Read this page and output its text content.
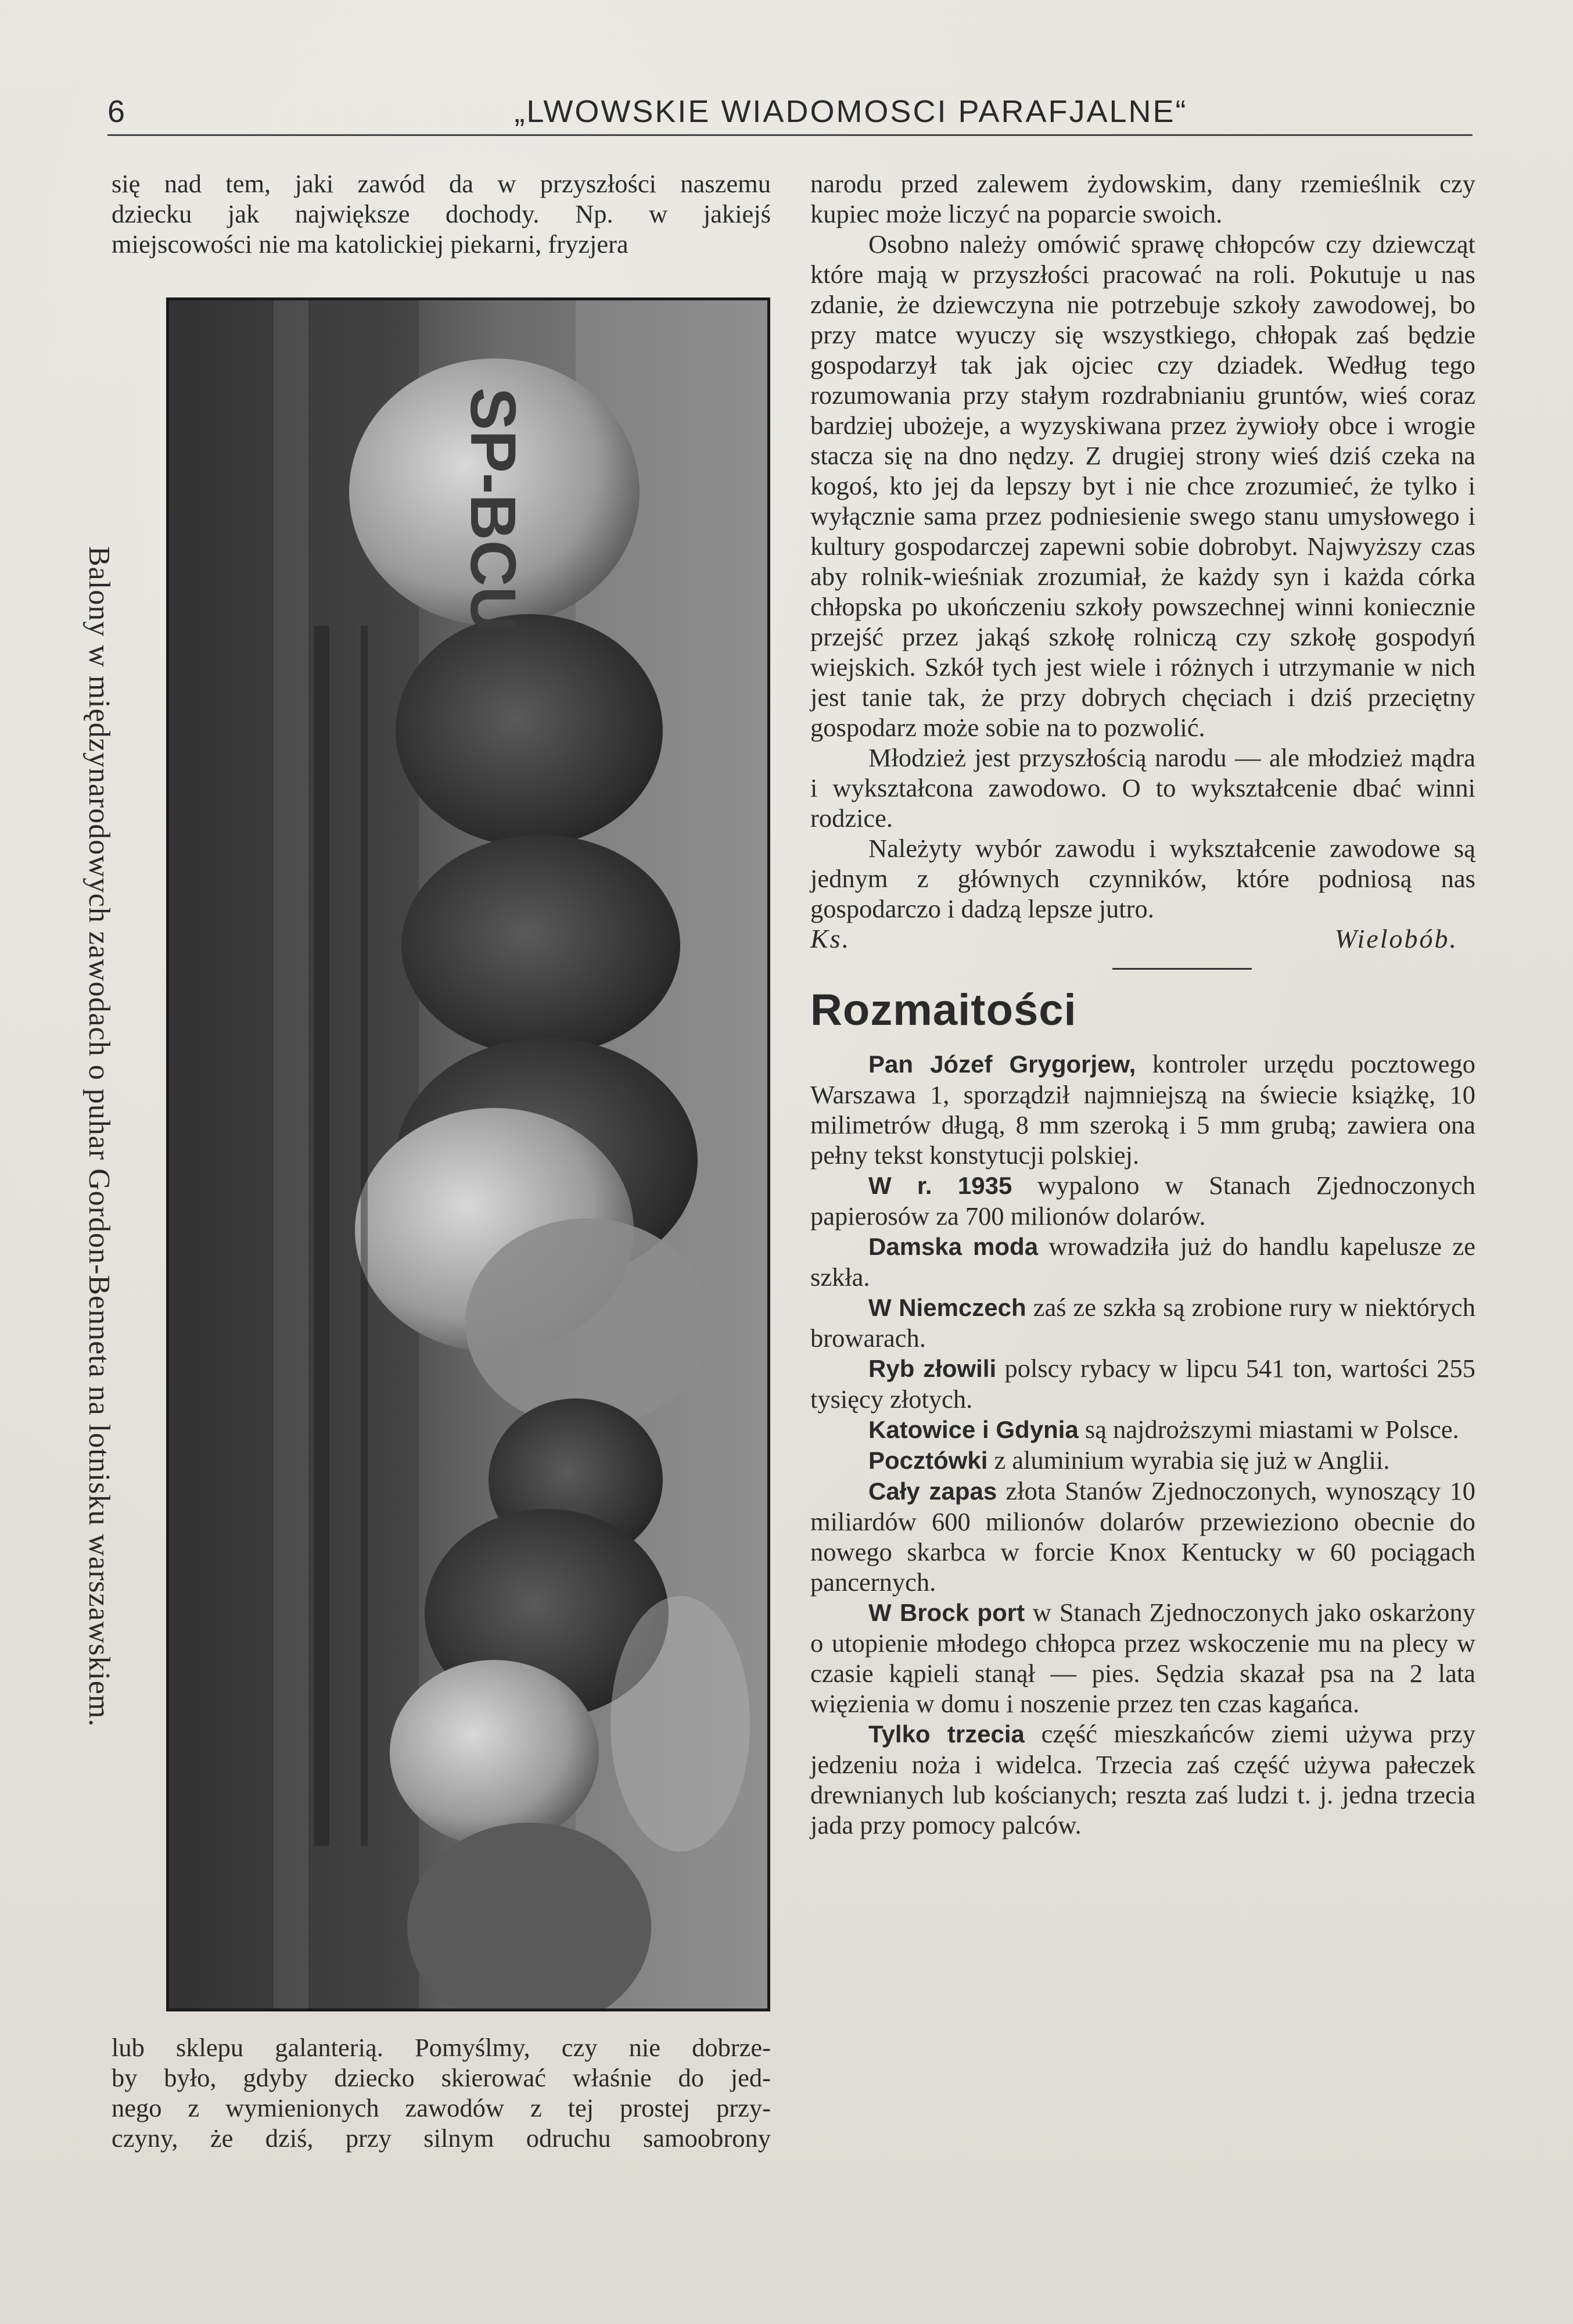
6	„LWOWSKIE WIADOMOSCI PARAFJALNE“

się nad tem, jaki zawód da w przyszłości naszemu

dziecku jak największe dochody. Np. w jakiejś

miejscowości nie ma katolickiej piekarni, fryzjera

SP-BCU
Balony w międzynarodowych zawodach o puhar Gordon-Benneta na lotnisku warszawskiem.

lub sklepu galanterią. Pomyślmy, czy nie dobrze-

by było, gdyby dziecko skierować właśnie do jed-

nego z wymienionych zawodów z tej prostej przy-

czyny, że dziś, przy silnym odruchu samoobrony

narodu przed zalewem żydowskim, dany rzemieślnik czy kupiec może liczyć na poparcie swoich.

Osobno należy omówić sprawę chłopców czy dziewcząt które mają w przyszłości pracować na roli. Pokutuje u nas zdanie, że dziewczyna nie potrzebuje szkoły zawodowej, bo przy matce wyuczy się wszystkiego, chłopak zaś będzie gospodarzył tak jak ojciec czy dziadek. Według tego rozumowania przy stałym rozdrabnianiu gruntów, wieś coraz bardziej ubożeje, a wyzyskiwana przez żywioły obce i wrogie stacza się na dno nędzy. Z drugiej strony wieś dziś czeka na kogoś, kto jej da lepszy byt i nie chce zrozumieć, że tylko i wyłącznie sama przez podniesienie swego stanu umysłowego i kultury gospodarczej zapewni sobie dobrobyt. Najwyższy czas aby rolnik-wieśniak zrozumiał, że każdy syn i każda córka chłopska po ukończeniu szkoły powszechnej winni koniecznie przejść przez jakąś szkołę rolniczą czy szkołę gospodyń wiejskich. Szkół tych jest wiele i różnych i utrzymanie w nich jest tanie tak, że przy dobrych chęciach i dziś przeciętny gospodarz może sobie na to pozwolić.

Młodzież jest przyszłością narodu — ale młodzież mądra i wykształcona zawodowo. O to wykształcenie dbać winni rodzice.

Należyty wybór zawodu i wykształcenie zawodowe są jednym z głównych czynników, które podniosą nas gospodarczo i dadzą lepsze jutro.

Ks. Wielobób.

Rozmaitości

Pan Józef Grygorjew, kontroler urzędu pocztowego Warszawa 1, sporządził najmniejszą na świecie książkę, 10 milimetrów długą, 8 mm szeroką i 5 mm grubą; zawiera ona pełny tekst konstytucji polskiej.

W r. 1935 wypalono w Stanach Zjednoczonych papierosów za 700 milionów dolarów.

Damska moda wrowadziła już do handlu kapelusze ze szkła.

W Niemczech zaś ze szkła są zrobione rury w niektórych browarach.

Ryb złowili polscy rybacy w lipcu 541 ton, wartości 255 tysięcy złotych.

Katowice i Gdynia są najdroższymi miastami w Polsce.

Pocztówki z aluminium wyrabia się już w Anglii.

Cały zapas złota Stanów Zjednoczonych, wynoszący 10 miliardów 600 milionów dolarów przewieziono obecnie do nowego skarbca w forcie Knox Kentucky w 60 pociągach pancernych.

W Brock port w Stanach Zjednoczonych jako oskarżony o utopienie młodego chłopca przez wskoczenie mu na plecy w czasie kąpieli stanął — pies. Sędzia skazał psa na 2 lata więzienia w domu i noszenie przez ten czas kagańca.

Tylko trzecia część mieszkańców ziemi używa przy jedzeniu noża i widelca. Trzecia zaś część używa pałeczek drewnianych lub kościanych; reszta zaś ludzi t. j. jedna trzecia jada przy pomocy palców.
